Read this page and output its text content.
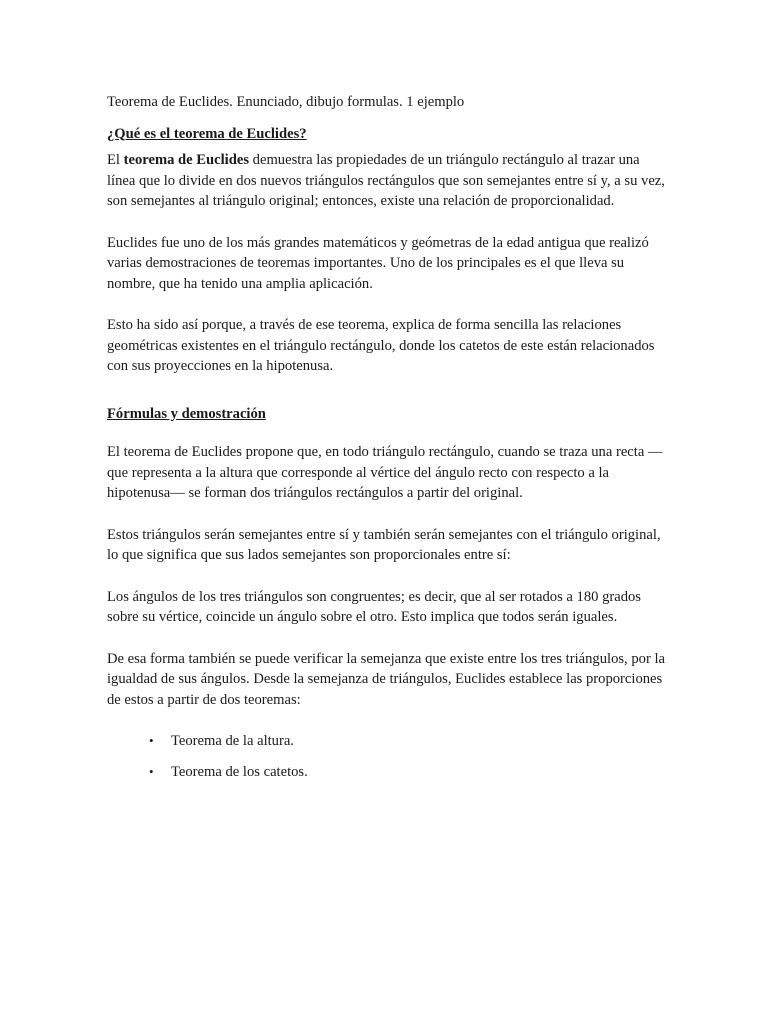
Teorema de Euclides. Enunciado, dibujo formulas. 1 ejemplo
¿Qué es el teorema de Euclides?

El teorema de Euclides demuestra las propiedades de un triángulo rectángulo al trazar una línea que lo divide en dos nuevos triángulos rectángulos que son semejantes entre sí y, a su vez, son semejantes al triángulo original; entonces, existe una relación de proporcionalidad.

Euclides fue uno de los más grandes matemáticos y geómetras de la edad antigua que realizó varias demostraciones de teoremas importantes. Uno de los principales es el que lleva su nombre, que ha tenido una amplia aplicación.

Esto ha sido así porque, a través de ese teorema, explica de forma sencilla las relaciones geométricas existentes en el triángulo rectángulo, donde los catetos de este están relacionados con sus proyecciones en la hipotenusa.

Fórmulas y demostración

El teorema de Euclides propone que, en todo triángulo rectángulo, cuando se traza una recta —que representa a la altura que corresponde al vértice del ángulo recto con respecto a la hipotenusa— se forman dos triángulos rectángulos a partir del original.

Estos triángulos serán semejantes entre sí y también serán semejantes con el triángulo original, lo que significa que sus lados semejantes son proporcionales entre sí:

Los ángulos de los tres triángulos son congruentes; es decir, que al ser rotados a 180 grados sobre su vértice, coincide un ángulo sobre el otro. Esto implica que todos serán iguales.

De esa forma también se puede verificar la semejanza que existe entre los tres triángulos, por la igualdad de sus ángulos. Desde la semejanza de triángulos, Euclides establece las proporciones de estos a partir de dos teoremas:

• Teorema de la altura.
• Teorema de los catetos.
